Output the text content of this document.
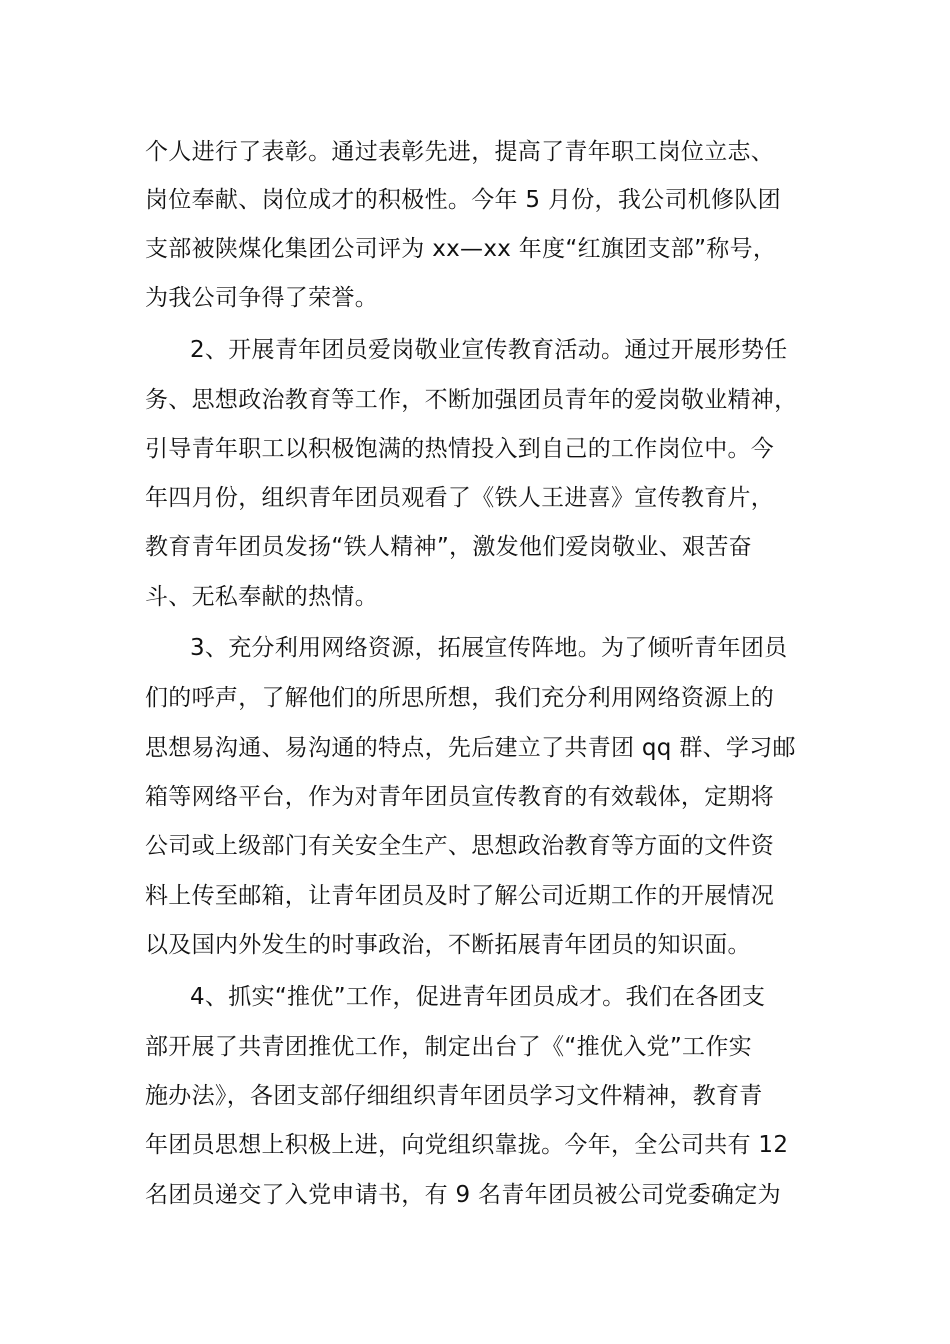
个人进行了表彰。通过表彰先进，提高了青年职工岗位立志、
岗位奉献、岗位成才的积极性。今年 5 月份，我公司机修队团
支部被陕煤化集团公司评为 xx—xx 年度“红旗团支部”称号，
为我公司争得了荣誉。
2、开展青年团员爱岗敬业宣传教育活动。通过开展形势任
务、思想政治教育等工作，不断加强团员青年的爱岗敬业精神，
引导青年职工以积极饱满的热情投入到自己的工作岗位中。今
年四月份，组织青年团员观看了《铁人王进喜》宣传教育片，
教育青年团员发扬“铁人精神”，激发他们爱岗敬业、艰苦奋
斗、无私奉献的热情。
3、充分利用网络资源，拓展宣传阵地。为了倾听青年团员
们的呼声，了解他们的所思所想，我们充分利用网络资源上的
思想易沟通、易沟通的特点，先后建立了共青团 qq 群、学习邮
箱等网络平台，作为对青年团员宣传教育的有效载体，定期将
公司或上级部门有关安全生产、思想政治教育等方面的文件资
料上传至邮箱，让青年团员及时了解公司近期工作的开展情况
以及国内外发生的时事政治，不断拓展青年团员的知识面。
4、抓实“推优”工作，促进青年团员成才。我们在各团支
部开展了共青团推优工作，制定出台了《“推优入党”工作实
施办法》，各团支部仔细组织青年团员学习文件精神，教育青
年团员思想上积极上进，向党组织靠拢。今年，全公司共有 12
名团员递交了入党申请书，有 9 名青年团员被公司党委确定为
